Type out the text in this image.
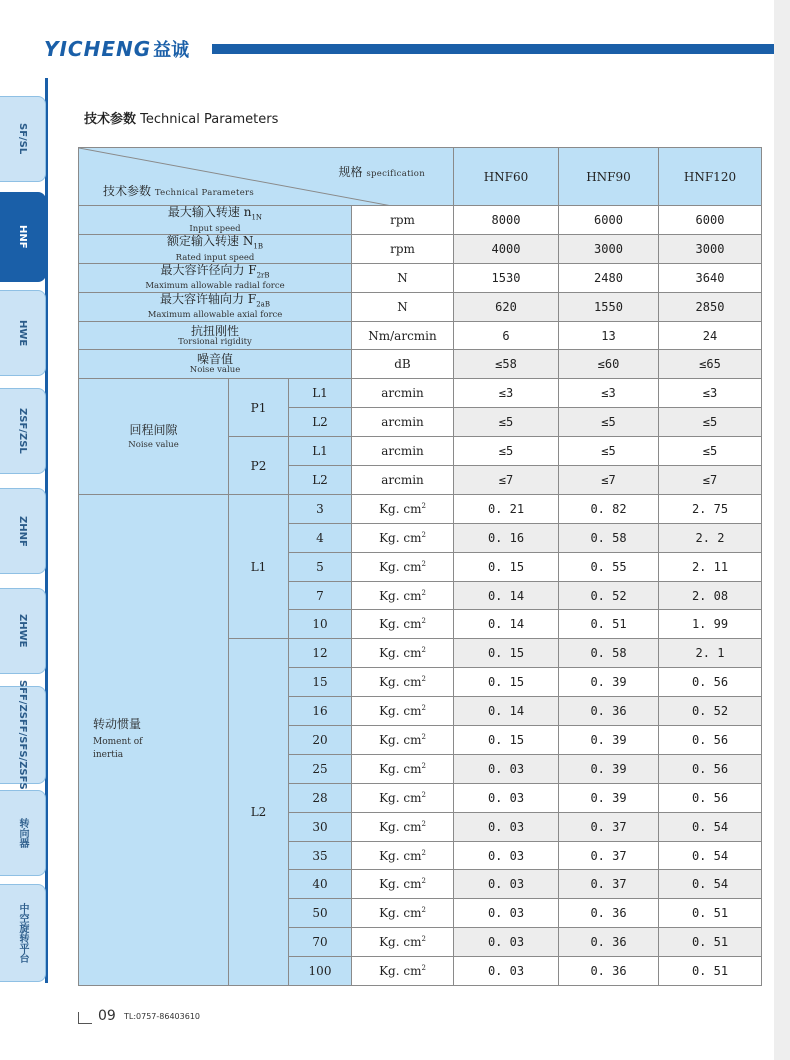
YICHENG 益诚
SF/SL
HNF
HWE
ZSF/ZSL
ZHNF
ZHWE
SFF/ZSFF/SFS/ZSFS
转向器
中空旋转平台
技术参数 Technical Parameters
规格 specification
技术参数 Technical Parameters				HNF60	HNF90	HNF120

最大输入转速 $n_{1N}$
Input speed			rpm	8000	6000	6000

额定输入转速 $N_{1B}$
Rated input speed			rpm	4000	3000	3000

最大容许径向力 $F_{2rB}$
Maximum allowable radial force			N	1530	2480	3640

最大容许轴向力 $F_{2aB}$
Maximum allowable axial force			N	620	1550	2850

抗扭刚性
Torsional rigidity			Nm/arcmin	6	13	24

噪音值
Noise value			dB	≤58	≤60	≤65

回程间隙
Noise value	P1	L1	arcmin	≤3	≤3	≤3
		L2	arcmin	≤5	≤5	≤5
	P2	L1	arcmin	≤5	≤5	≤5
		L2	arcmin	≤7	≤7	≤7

转动惯量
Moment of
inertia	L1	3	Kg. $cm^2$	0. 21	0. 82	2. 75
		4	Kg. $cm^2$	0. 16	0. 58	2. 2
		5	Kg. $cm^2$	0. 15	0. 55	2. 11
		7	Kg. $cm^2$	0. 14	0. 52	2. 08
		10	Kg. $cm^2$	0. 14	0. 51	1. 99
	L2	12	Kg. $cm^2$	0. 15	0. 58	2. 1
		15	Kg. $cm^2$	0. 15	0. 39	0. 56
		16	Kg. $cm^2$	0. 14	0. 36	0. 52
		20	Kg. $cm^2$	0. 15	0. 39	0. 56
		25	Kg. $cm^2$	0. 03	0. 39	0. 56
		28	Kg. $cm^2$	0. 03	0. 39	0. 56
		30	Kg. $cm^2$	0. 03	0. 37	0. 54
		35	Kg. $cm^2$	0. 03	0. 37	0. 54
		40	Kg. $cm^2$	0. 03	0. 37	0. 54
		50	Kg. $cm^2$	0. 03	0. 36	0. 51
		70	Kg. $cm^2$	0. 03	0. 36	0. 51
		100	Kg. $cm^2$	0. 03	0. 36	0. 51
09 TL:0757-86403610
